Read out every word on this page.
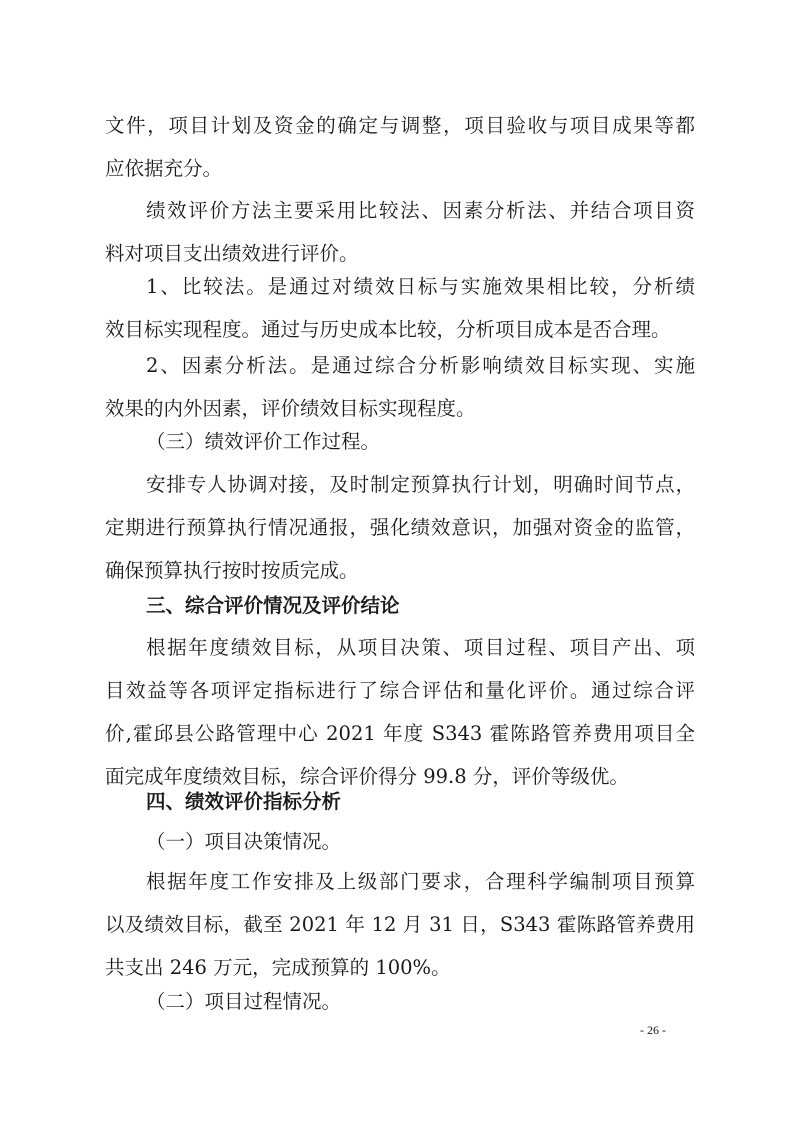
文件，项目计划及资金的确定与调整，项目验收与项目成果等都
应依据充分。
绩效评价方法主要采用比较法、因素分析法、并结合项目资
料对项目支出绩效进行评价。
1、比较法。是通过对绩效日标与实施效果相比较，分析绩
效目标实现程度。通过与历史成本比较，分析项目成本是否合理。
2、因素分析法。是通过综合分析影响绩效目标实现、实施
效果的内外因素，评价绩效目标实现程度。
（三）绩效评价工作过程。
安排专人协调对接，及时制定预算执行计划，明确时间节点，
定期进行预算执行情况通报，强化绩效意识，加强对资金的监管，
确保预算执行按时按质完成。
三、综合评价情况及评价结论
根据年度绩效目标，从项目决策、项目过程、项目产出、项
目效益等各项评定指标进行了综合评估和量化评价。通过综合评
价,霍邱县公路管理中心 2021 年度 S343 霍陈路管养费用项目全
面完成年度绩效目标，综合评价得分 99.8 分，评价等级优。
四、绩效评价指标分析
（一）项目决策情况。
根据年度工作安排及上级部门要求，合理科学编制项目预算
以及绩效目标，截至 2021 年 12 月 31 日，S343 霍陈路管养费用
共支出 246 万元，完成预算的 100%。
（二）项目过程情况。
- 26 -
